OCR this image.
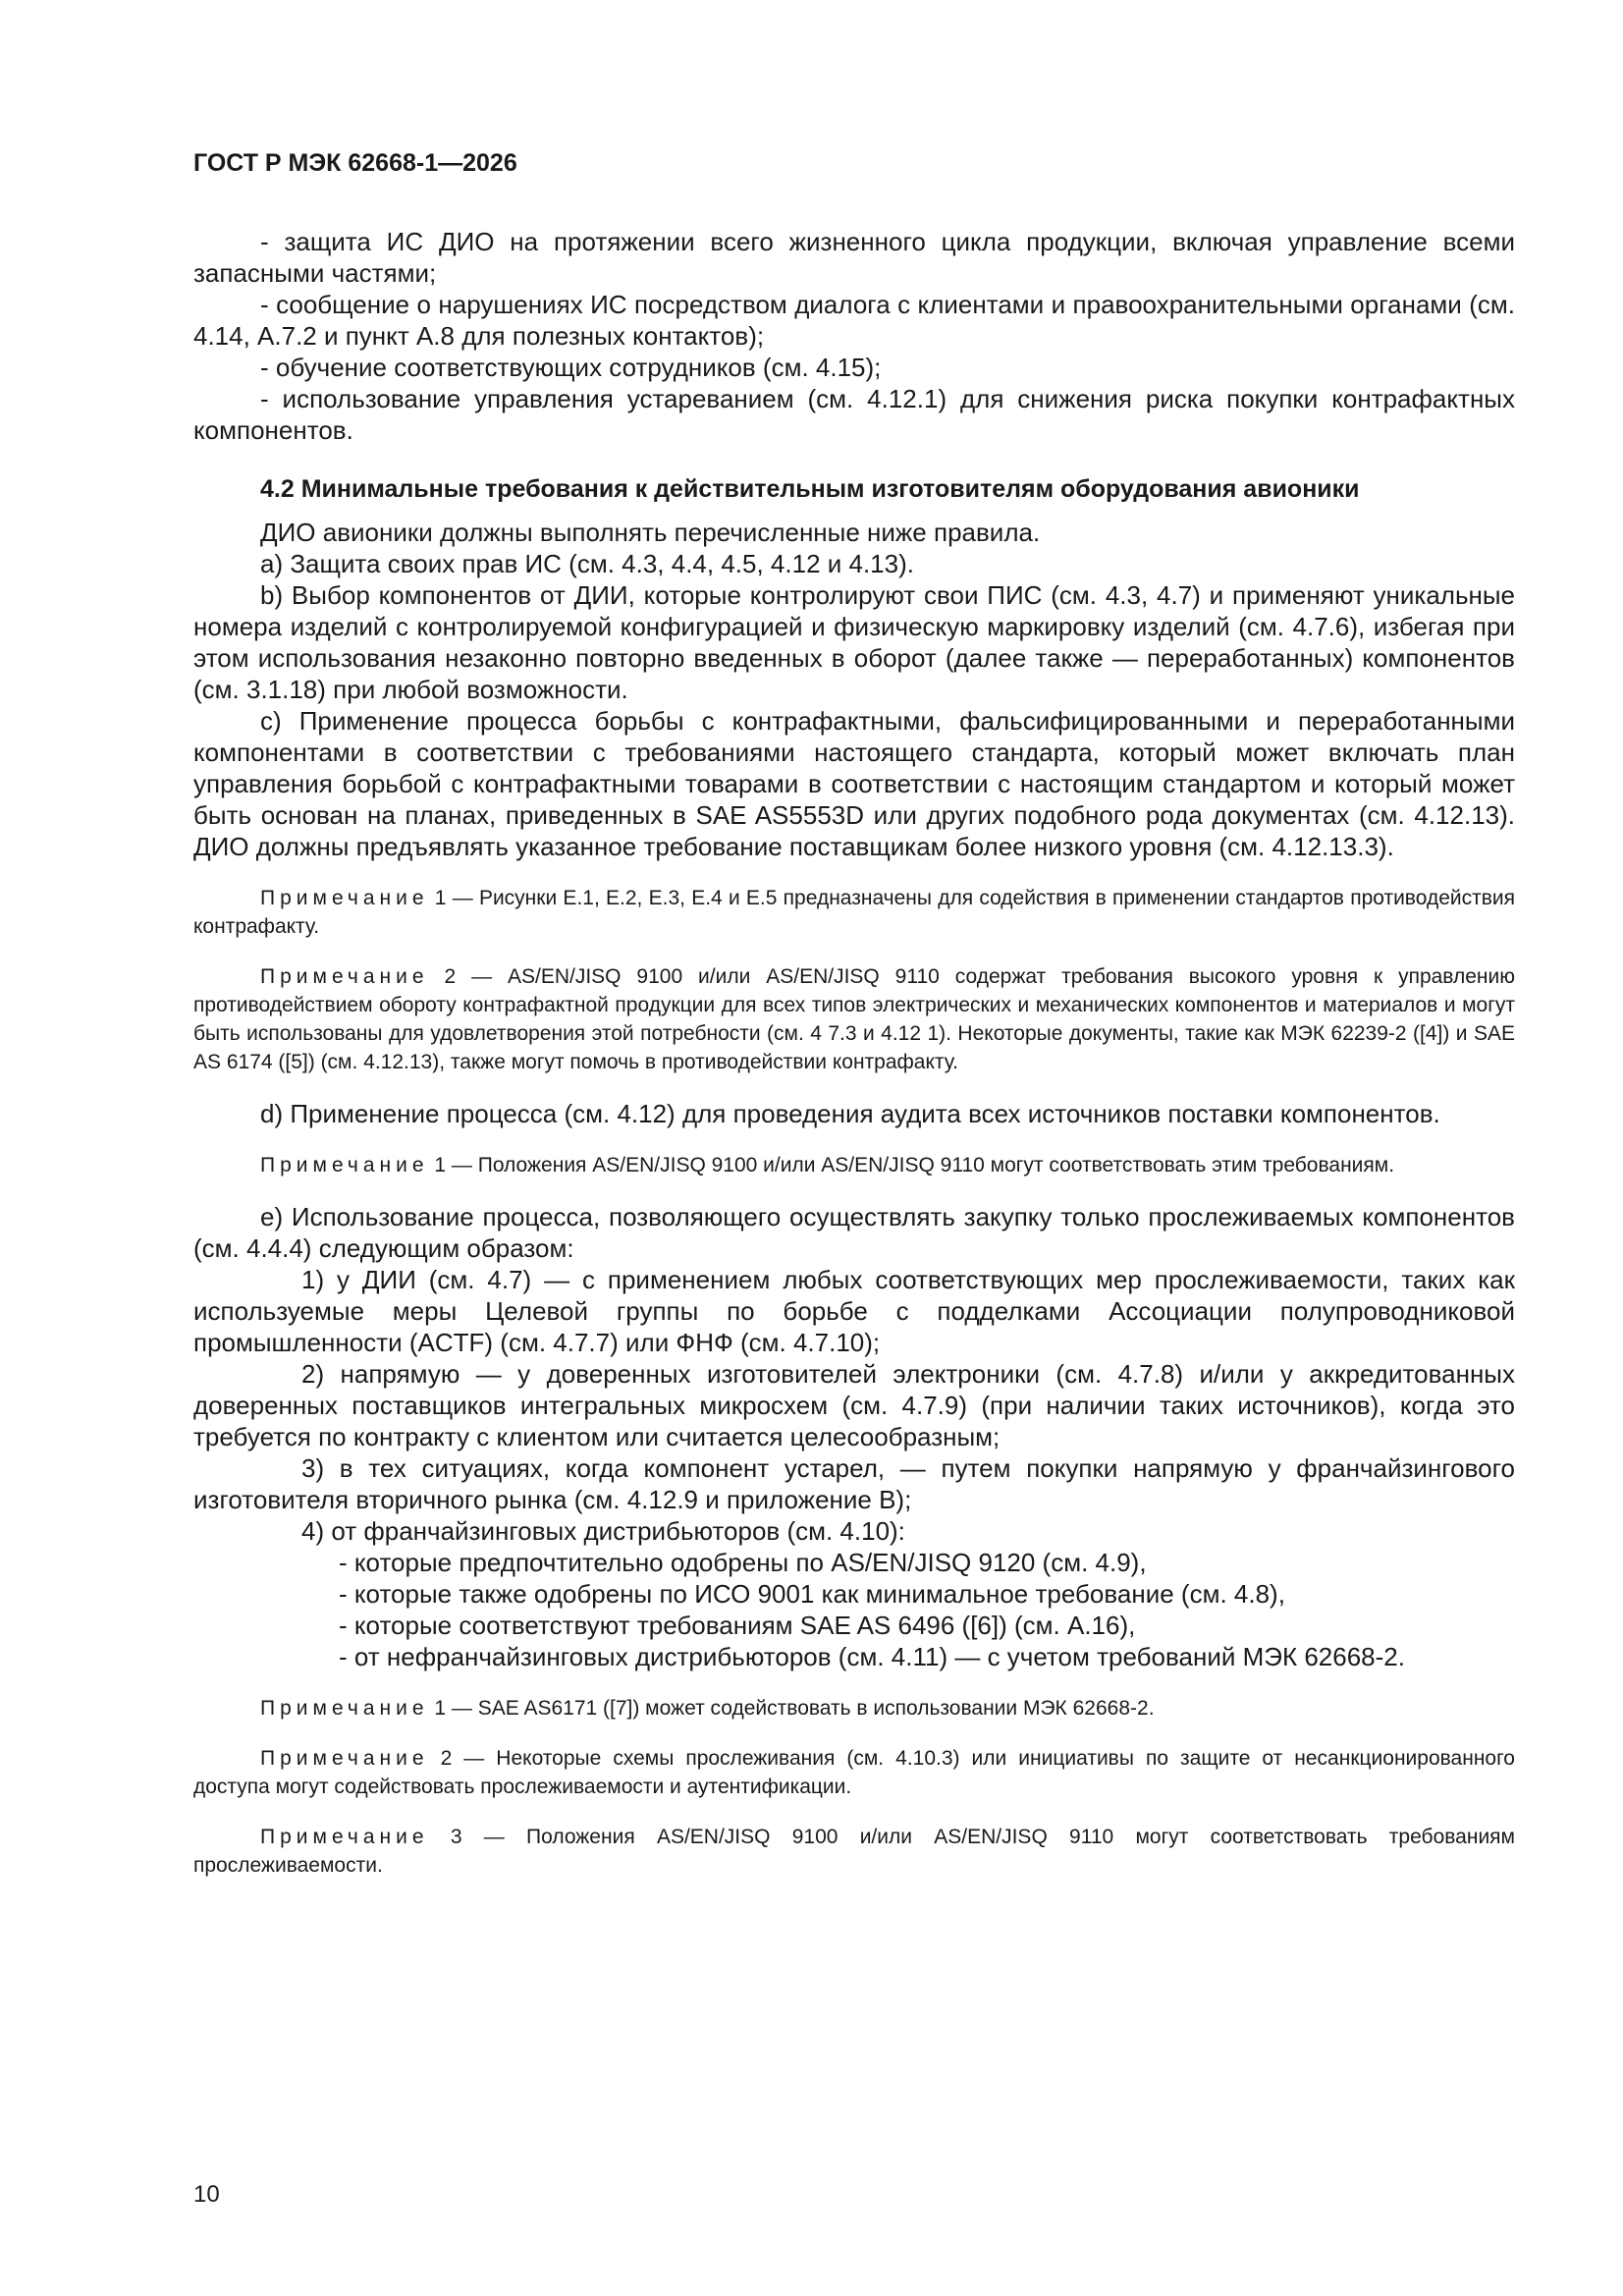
ГОСТ Р МЭК 62668-1—2026

- защита ИС ДИО на протяжении всего жизненного цикла продукции, включая управление всеми запасными частями;

- сообщение о нарушениях ИС посредством диалога с клиентами и правоохранительными органами (см. 4.14, А.7.2 и пункт А.8 для полезных контактов);

- обучение соответствующих сотрудников (см. 4.15);

- использование управления устареванием (см. 4.12.1) для снижения риска покупки контрафактных компонентов.

4.2 Минимальные требования к действительным изготовителям оборудования авионики

ДИО авионики должны выполнять перечисленные ниже правила.

а) Защита своих прав ИС (см. 4.3, 4.4, 4.5, 4.12 и 4.13).

b) Выбор компонентов от ДИИ, которые контролируют свои ПИС (см. 4.3, 4.7) и применяют уникальные номера изделий с контролируемой конфигурацией и физическую маркировку изделий (см. 4.7.6), избегая при этом использования незаконно повторно введенных в оборот (далее также — переработанных) компонентов (см. 3.1.18) при любой возможности.

c) Применение процесса борьбы с контрафактными, фальсифицированными и переработанными компонентами в соответствии с требованиями настоящего стандарта, который может включать план управления борьбой с контрафактными товарами в соответствии с настоящим стандартом и который может быть основан на планах, приведенных в SAE AS5553D или других подобного рода документах (см. 4.12.13). ДИО должны предъявлять указанное требование поставщикам более низкого уровня (см. 4.12.13.3).

Примечание 1 — Рисунки Е.1, Е.2, Е.3, Е.4 и Е.5 предназначены для содействия в применении стандартов противодействия контрафакту.

Примечание 2 — AS/EN/JISQ 9100 и/или AS/EN/JISQ 9110 содержат требования высокого уровня к управлению противодействием обороту контрафактной продукции для всех типов электрических и механических компонентов и материалов и могут быть использованы для удовлетворения этой потребности (см. 4 7.3 и 4.12 1). Некоторые документы, такие как МЭК 62239-2 ([4]) и SAE AS 6174 ([5]) (см. 4.12.13), также могут помочь в противодействии контрафакту.

d) Применение процесса (см. 4.12) для проведения аудита всех источников поставки компонентов.

Примечание 1 — Положения AS/EN/JISQ 9100 и/или AS/EN/JISQ 9110 могут соответствовать этим требованиям.

e) Использование процесса, позволяющего осуществлять закупку только прослеживаемых компонентов (см. 4.4.4) следующим образом:

1) у ДИИ (см. 4.7) — с применением любых соответствующих мер прослеживаемости, таких как используемые меры Целевой группы по борьбе с подделками Ассоциации полупроводниковой промышленности (ACTF) (см. 4.7.7) или ФНФ (см. 4.7.10);

2) напрямую — у доверенных изготовителей электроники (см. 4.7.8) и/или у аккредитованных доверенных поставщиков интегральных микросхем (см. 4.7.9) (при наличии таких источников), когда это требуется по контракту с клиентом или считается целесообразным;

3) в тех ситуациях, когда компонент устарел, — путем покупки напрямую у франчайзингового изготовителя вторичного рынка (см. 4.12.9 и приложение В);

4) от франчайзинговых дистрибьюторов (см. 4.10):

- которые предпочтительно одобрены по AS/EN/JISQ 9120 (см. 4.9),

- которые также одобрены по ИСО 9001 как минимальное требование (см. 4.8),

- которые соответствуют требованиям SAE AS 6496 ([6]) (см. А.16),

- от нефранчайзинговых дистрибьюторов (см. 4.11) — с учетом требований МЭК 62668-2.

Примечание 1 — SAE AS6171 ([7]) может содействовать в использовании МЭК 62668-2.

Примечание 2 — Некоторые схемы прослеживания (см. 4.10.3) или инициативы по защите от несанкционированного доступа могут содействовать прослеживаемости и аутентификации.

Примечание 3 — Положения AS/EN/JISQ 9100 и/или AS/EN/JISQ 9110 могут соответствовать требованиям прослеживаемости.

10
